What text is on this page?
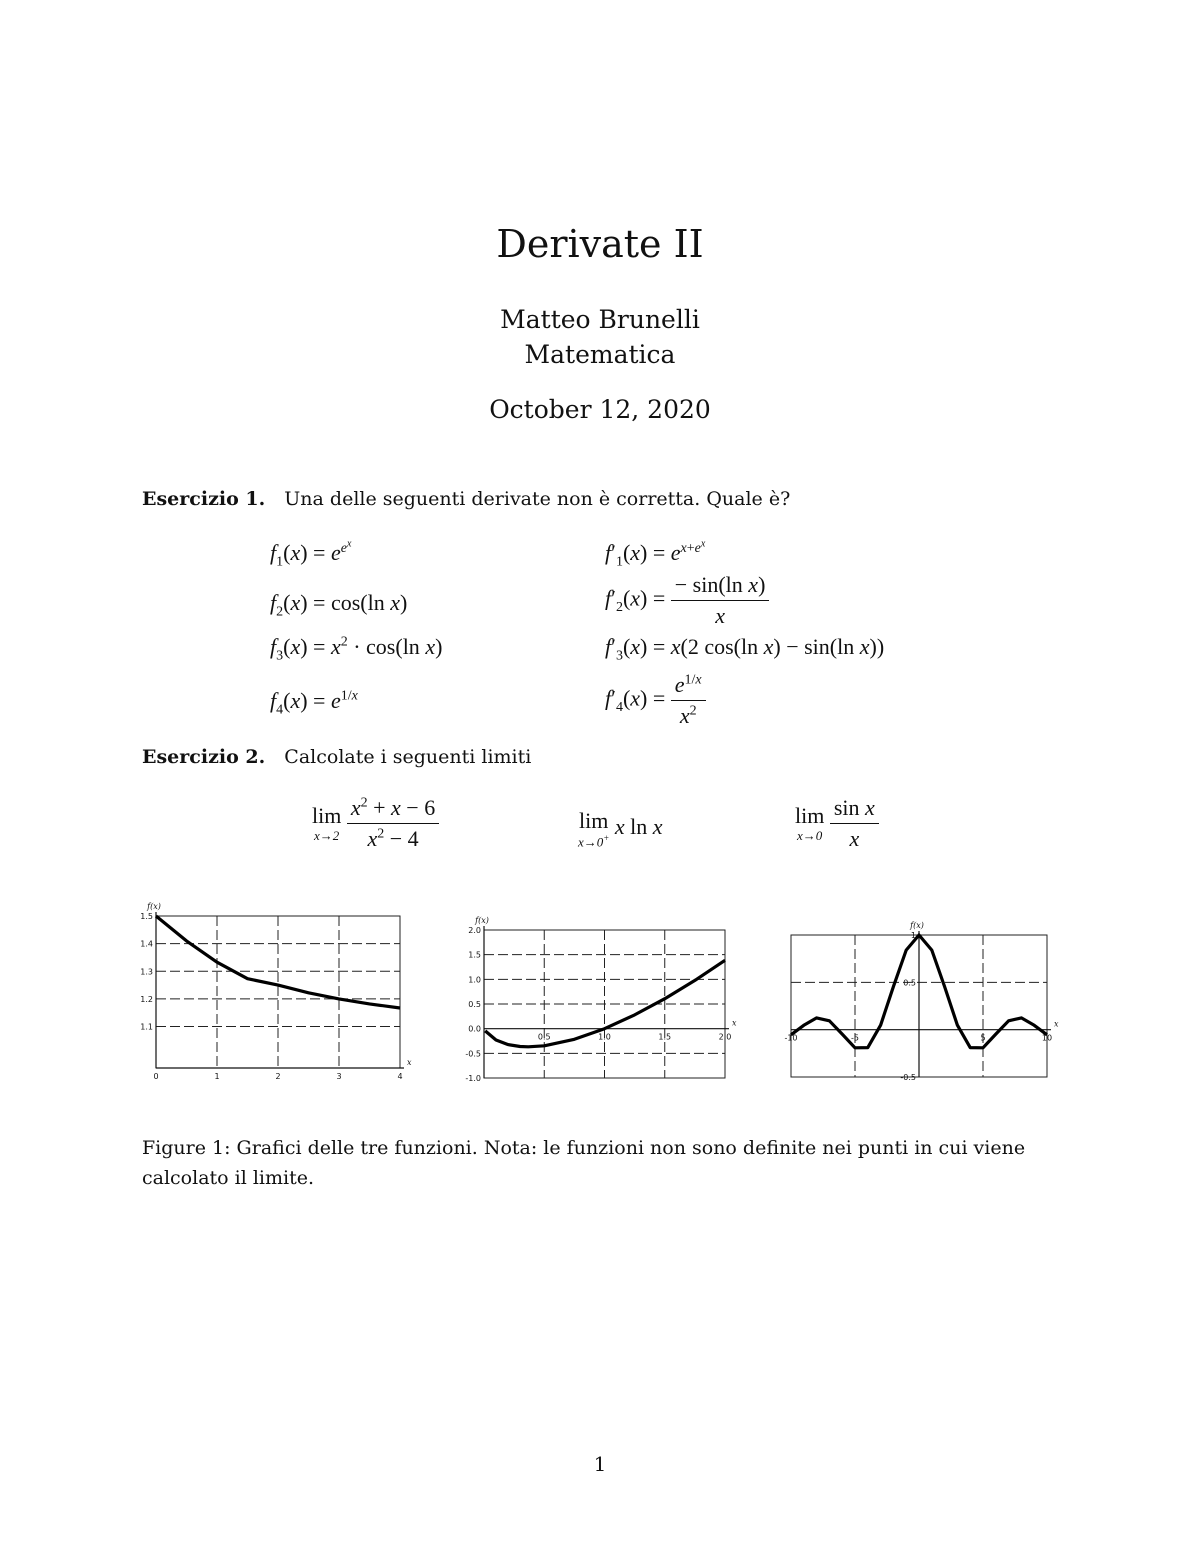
Derivate II
Matteo Brunelli
Matematica
October 12, 2020
Esercizio 1. Una delle seguenti derivate non è corretta. Quale è?
$f_1(x) = e^{e^x}$	$f'_1(x) = e^{x+e^x}$
$f_2(x) = \cos(\ln$ x)	$f'_2(x) = \frac{\text{− sin(ln x)}}{x}$
$f_3(x) = x^2 \cdot \cos(\ln$ x)	$f'_3(x) = x(2$ cos(ln x) − sin(ln x))
$f_4(x) = e^{1/x}$	$f'_4(x) = \frac{e^{1/x}}{x^2}$
Esercizio 2. Calcolate i seguenti limiti
lim
x→2
$\frac{x^2 + x - 6}{x^2 - 4}$	lim
x→0+ x ln x	lim
x→0
$\frac{\text{sin x}}{x}$
0	1	2	3	4
1.1
1.2
1.3
1.4
1.5
x
f(x)
0.5	1.0	1.5	2.0
-1.0
-0.5
0.0
0.5
1.0
1.5
2.0
x
f(x)
-10	-5	5	10
-0.5
0.5
1
x
f(x)
Figure 1: Grafici delle tre funzioni. Nota: le funzioni non sono definite nei punti in cui viene calcolato il limite.
1
